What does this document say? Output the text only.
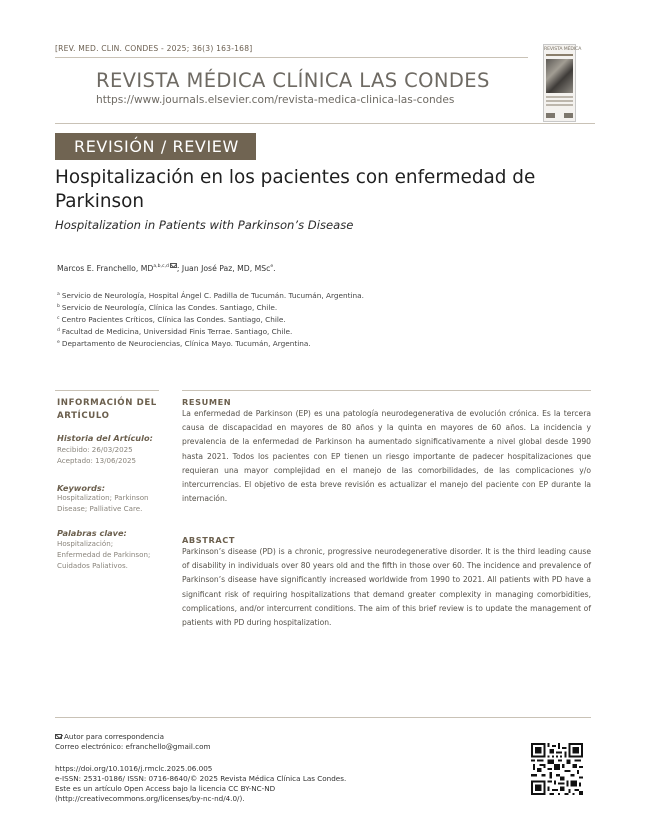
[REV. MED. CLIN. CONDES - 2025; 36(3) 163-168]
REVISTA MÉDICA CLÍNICA LAS CONDES
https://www.journals.elsevier.com/revista-medica-clinica-las-condes
REVISTA MÉDICA
REVISIÓN / REVIEW
Hospitalización en los pacientes con enfermedad de Parkinson
Hospitalization in Patients with Parkinson’s Disease
Marcos E. Franchello, MD$^{a,b,c,d}$ ; Juan José Paz, MD, MSc$^e$.
$^a$ Servicio de Neurología, Hospital Ángel C. Padilla de Tucumán. Tucumán, Argentina.
$^b$ Servicio de Neurología, Clínica las Condes. Santiago, Chile.
$^c$ Centro Pacientes Críticos, Clínica las Condes. Santiago, Chile.
$^d$ Facultad de Medicina, Universidad Finis Terrae. Santiago, Chile.
$^e$ Departamento de Neurociencias, Clínica Mayo. Tucumán, Argentina.
INFORMACIÓN DEL ARTÍCULO
Historia del Artículo:
Recibido: 26/03/2025
Aceptado: 13/06/2025
Keywords:
Hospitalization; Parkinson
Disease; Palliative Care.
Palabras clave:
Hospitalización;
Enfermedad de Parkinson;
Cuidados Paliativos.
RESUMEN
La enfermedad de Parkinson (EP) es una patología neurodegenerativa de evolución crónica. Es la tercera causa de discapacidad en mayores de 80 años y la quinta en mayores de 60 años. La incidencia y prevalencia de la enfermedad de Parkinson ha aumentado significativamente a nivel global desde 1990 hasta 2021. Todos los pacientes con EP tienen un riesgo importante de padecer hospitalizaciones que requieran una mayor complejidad en el manejo de las comorbilidades, de las complicaciones y/o intercurrencias. El objetivo de esta breve revisión es actualizar el manejo del paciente con EP durante la internación.
ABSTRACT
Parkinson’s disease (PD) is a chronic, progressive neurodegenerative disorder. It is the third leading cause of disability in individuals over 80 years old and the fifth in those over 60. The incidence and prevalence of Parkinson’s disease have significantly increased worldwide from 1990 to 2021. All patients with PD have a significant risk of requiring hospitalizations that demand greater complexity in managing comorbidities, complications, and/or intercurrent conditions. The aim of this brief review is to update the management of patients with PD during hospitalization.
Autor para correspondencia
Correo electrónico: efranchello@gmail.com
https://doi.org/10.1016/j.rmclc.2025.06.005
e-ISSN: 2531-0186/ ISSN: 0716-8640/© 2025 Revista Médica Clínica Las Condes.
Este es un artículo Open Access bajo la licencia CC BY-NC-ND
(http://creativecommons.org/licenses/by-nc-nd/4.0/).
